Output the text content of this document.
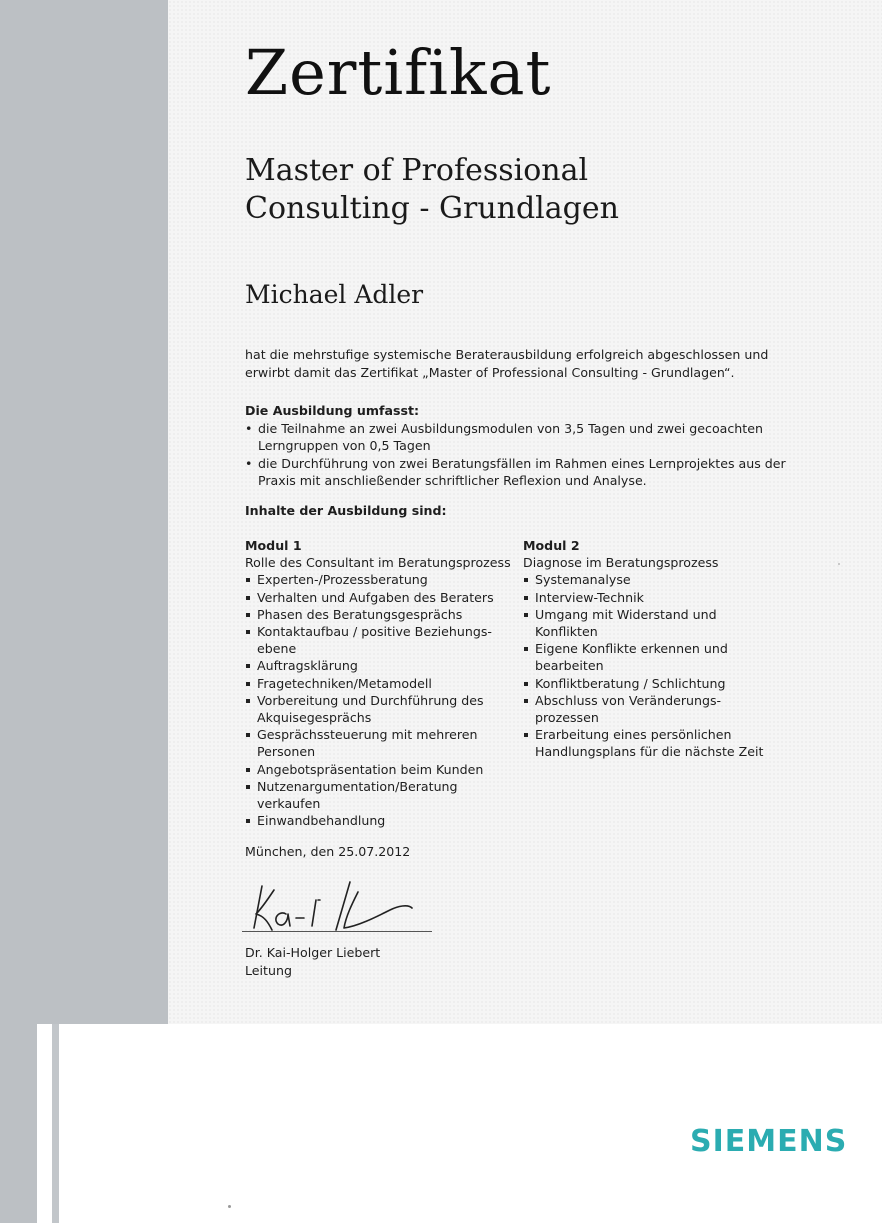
Zertifikat
Master of Professional
Consulting - Grundlagen
Michael Adler
hat die mehrstufige systemische Beraterausbildung erfolgreich abgeschlossen und
erwirbt damit das Zertifikat „Master of Professional Consulting - Grundlagen“.
Die Ausbildung umfasst:
• die Teilnahme an zwei Ausbildungsmodulen von 3,5 Tagen und zwei gecoachten
Lerngruppen von 0,5 Tagen
• die Durchführung von zwei Beratungsfällen im Rahmen eines Lernprojektes aus der
Praxis mit anschließender schriftlicher Reflexion und Analyse.
Inhalte der Ausbildung sind:
Modul 1
Rolle des Consultant im Beratungsprozess
Experten-/Prozessberatung
Verhalten und Aufgaben des Beraters
Phasen des Beratungsgesprächs
Kontaktaufbau / positive Beziehungs-
ebene
Auftragsklärung
Fragetechniken/Metamodell
Vorbereitung und Durchführung des
Akquisegesprächs
Gesprächssteuerung mit mehreren
Personen
Angebotspräsentation beim Kunden
Nutzenargumentation/Beratung
verkaufen
Einwandbehandlung
Modul 2
Diagnose im Beratungsprozess
Systemanalyse
Interview-Technik
Umgang mit Widerstand und
Konflikten
Eigene Konflikte erkennen und
bearbeiten
Konfliktberatung / Schlichtung
Abschluss von Veränderungs-
prozessen
Erarbeitung eines persönlichen
Handlungsplans für die nächste Zeit
München, den 25.07.2012
Dr. Kai-Holger Liebert
Leitung
SIEMENS
